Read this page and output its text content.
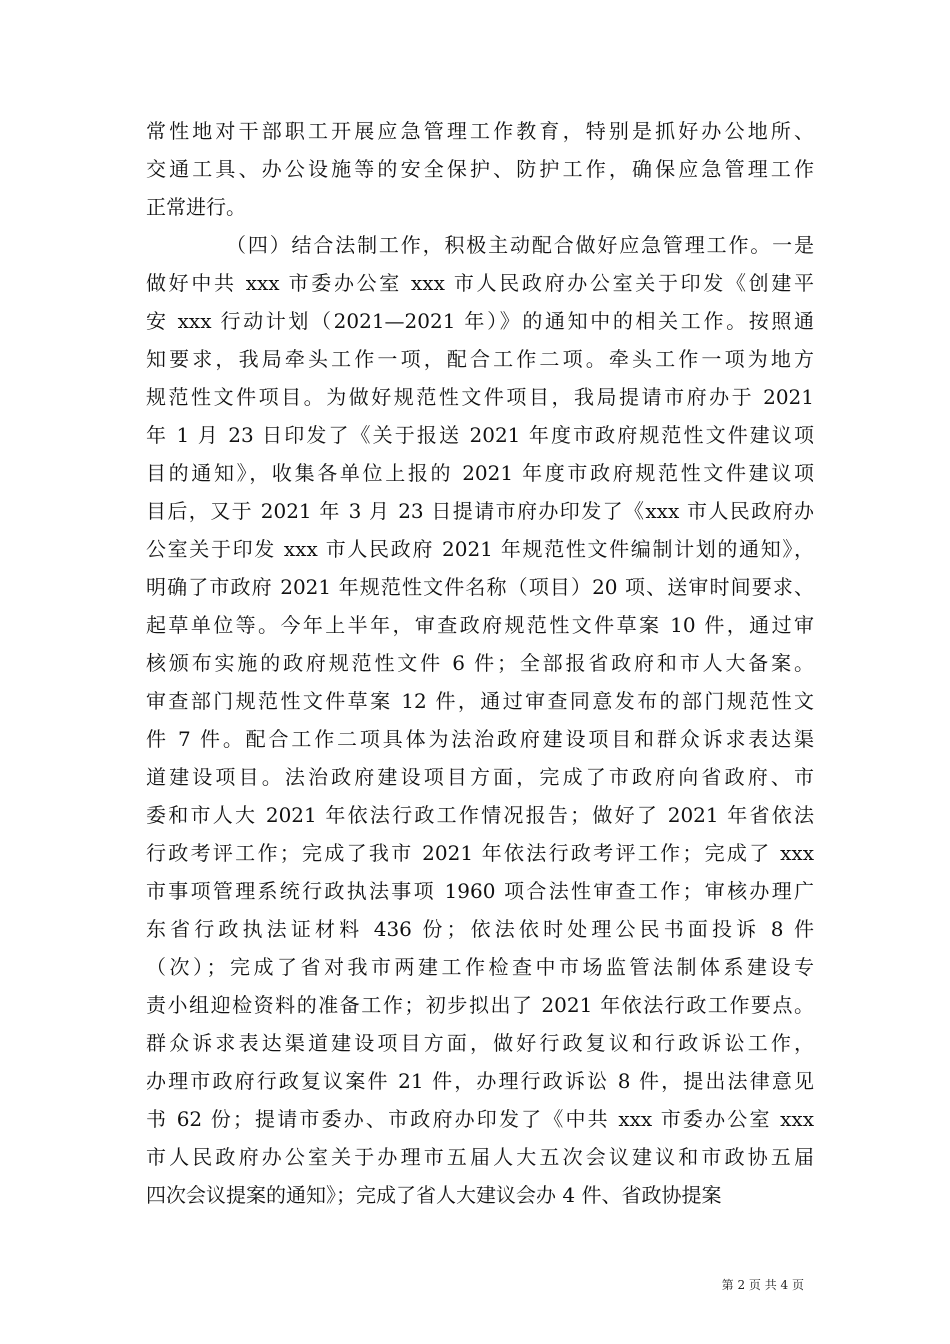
常性地对干部职工开展应急管理工作教育，特别是抓好办公地所、
交通工具、办公设施等的安全保护、防护工作，确保应急管理工作
正常进行。
（四）结合法制工作，积极主动配合做好应急管理工作。一是
做好中共 xxx 市委办公室 xxx 市人民政府办公室关于印发《创建平
安 xxx 行动计划（2021—2021 年）》的通知中的相关工作。按照通
知要求，我局牵头工作一项，配合工作二项。牵头工作一项为地方
规范性文件项目。为做好规范性文件项目，我局提请市府办于 2021
年 1 月 23 日印发了《关于报送 2021 年度市政府规范性文件建议项
目的通知》，收集各单位上报的 2021 年度市政府规范性文件建议项
目后，又于 2021 年 3 月 23 日提请市府办印发了《xxx 市人民政府办
公室关于印发 xxx 市人民政府 2021 年规范性文件编制计划的通知》，
明确了市政府 2021 年规范性文件名称（项目）20 项、送审时间要求、
起草单位等。今年上半年，审查政府规范性文件草案 10 件，通过审
核颁布实施的政府规范性文件 6 件；全部报省政府和市人大备案。
审查部门规范性文件草案 12 件，通过审查同意发布的部门规范性文
件 7 件。配合工作二项具体为法治政府建设项目和群众诉求表达渠
道建设项目。法治政府建设项目方面，完成了市政府向省政府、市
委和市人大 2021 年依法行政工作情况报告；做好了 2021 年省依法
行政考评工作；完成了我市 2021 年依法行政考评工作；完成了 xxx
市事项管理系统行政执法事项 1960 项合法性审查工作；审核办理广
东省行政执法证材料 436 份；依法依时处理公民书面投诉 8 件
（次）；完成了省对我市两建工作检查中市场监管法制体系建设专
责小组迎检资料的准备工作；初步拟出了 2021 年依法行政工作要点。
群众诉求表达渠道建设项目方面，做好行政复议和行政诉讼工作，
办理市政府行政复议案件 21 件，办理行政诉讼 8 件，提出法律意见
书 62 份；提请市委办、市政府办印发了《中共 xxx 市委办公室 xxx
市人民政府办公室关于办理市五届人大五次会议建议和市政协五届
四次会议提案的通知》；完成了省人大建议会办 4 件、省政协提案
第 2 页 共 4 页
